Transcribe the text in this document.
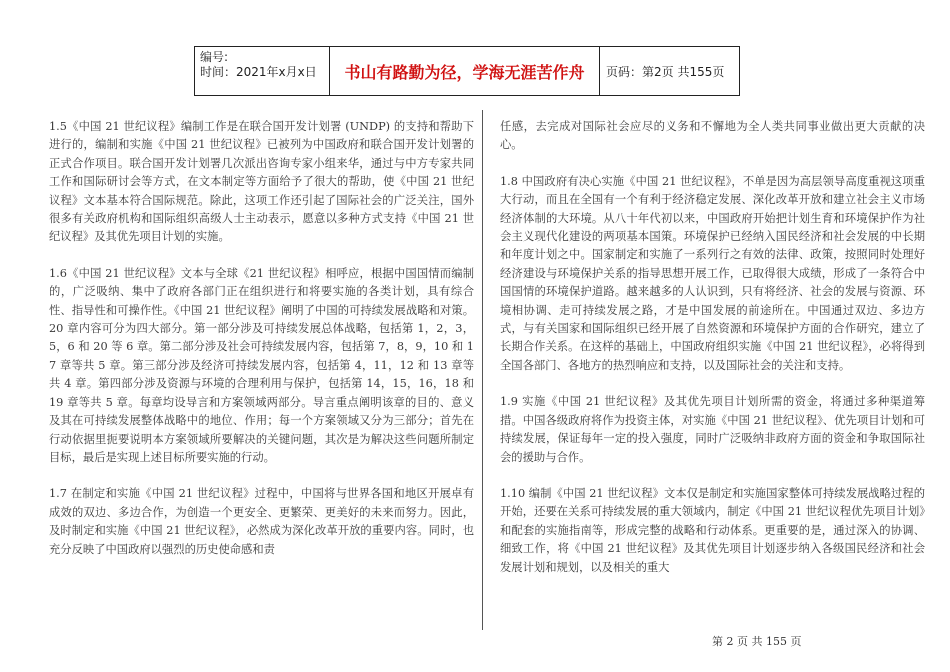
编号:
时间：2021年x月x日	书山有路勤为径，学海无涯苦作舟	页码：第2页 共155页

1.5《中国 21 世纪议程》编制工作是在联合国开发计划署 (UNDP) 的支持和帮助下进行的，编制和实施《中国 21 世纪议程》已被列为中国政府和联合国开发计划署的正式合作项目。联合国开发计划署几次派出咨询专家小组来华，通过与中方专家共同工作和国际研讨会等方式，在文本制定等方面给予了很大的帮助，使《中国 21 世纪议程》文本基本符合国际规范。除此，这项工作还引起了国际社会的广泛关注，国外很多有关政府机构和国际组织高级人士主动表示，愿意以多种方式支持《中国 21 世纪议程》及其优先项目计划的实施。

1.6《中国 21 世纪议程》文本与全球《21 世纪议程》相呼应，根据中国国情而编制的，广泛吸纳、集中了政府各部门正在组织进行和将要实施的各类计划，具有综合性、指导性和可操作性。《中国 21 世纪议程》阐明了中国的可持续发展战略和对策。20 章内容可分为四大部分。第一部分涉及可持续发展总体战略，包括第 1，2，3，5，6 和 20 等 6 章。第二部分涉及社会可持续发展内容，包括第 7，8，9，10 和 17 章等共 5 章。第三部分涉及经济可持续发展内容，包括第 4，11，12 和 13 章等共 4 章。第四部分涉及资源与环境的合理利用与保护，包括第 14，15，16，18 和 19 章等共 5 章。每章均设导言和方案领域两部分。导言重点阐明该章的目的、意义及其在可持续发展整体战略中的地位、作用；每一个方案领域又分为三部分；首先在行动依据里扼要说明本方案领域所要解决的关键问题，其次是为解决这些问题所制定目标，最后是实现上述目标所要实施的行动。

1.7 在制定和实施《中国 21 世纪议程》过程中，中国将与世界各国和地区开展卓有成效的双边、多边合作，为创造一个更安全、更繁荣、更美好的未来而努力。因此，及时制定和实施《中国 21 世纪议程》，必然成为深化改革开放的重要内容。同时，也充分反映了中国政府以强烈的历史使命感和责

任感，去完成对国际社会应尽的义务和不懈地为全人类共同事业做出更大贡献的决心。

1.8 中国政府有决心实施《中国 21 世纪议程》，不单是因为高层领导高度重视这项重大行动，而且在全国有一个有利于经济稳定发展、深化改革开放和建立社会主义市场经济体制的大环境。从八十年代初以来，中国政府开始把计划生育和环境保护作为社会主义现代化建设的两项基本国策。环境保护已经纳入国民经济和社会发展的中长期和年度计划之中。国家制定和实施了一系列行之有效的法律、政策，按照同时处理好经济建设与环境保护关系的指导思想开展工作，已取得很大成绩，形成了一条符合中国国情的环境保护道路。越来越多的人认识到，只有将经济、社会的发展与资源、环境相协调、走可持续发展之路，才是中国发展的前途所在。中国通过双边、多边方式，与有关国家和国际组织已经开展了自然资源和环境保护方面的合作研究，建立了长期合作关系。在这样的基础上，中国政府组织实施《中国 21 世纪议程》，必将得到全国各部门、各地方的热烈响应和支持，以及国际社会的关注和支持。

1.9 实施《中国 21 世纪议程》及其优先项目计划所需的资金，将通过多种渠道筹措。中国各级政府将作为投资主体，对实施《中国 21 世纪议程》、优先项目计划和可持续发展，保证每年一定的投入强度，同时广泛吸纳非政府方面的资金和争取国际社会的援助与合作。

1.10 编制《中国 21 世纪议程》文本仅是制定和实施国家整体可持续发展战略过程的开始，还要在关系可持续发展的重大领域内，制定《中国 21 世纪议程优先项目计划》和配套的实施指南等，形成完整的战略和行动体系。更重要的是，通过深入的协调、细致工作，将《中国 21 世纪议程》及其优先项目计划逐步纳入各级国民经济和社会发展计划和规划，以及相关的重大

第 2 页 共 155 页
